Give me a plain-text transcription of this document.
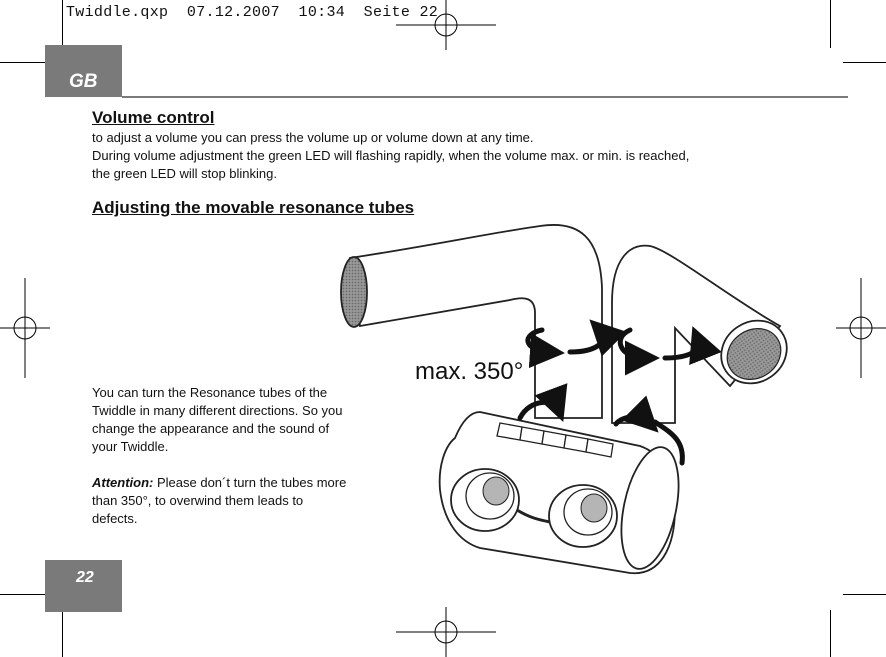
Twiddle.qxp  07.12.2007  10:34  Seite 22
GB
Volume control

to adjust a volume you can press the volume up or volume down at any time.

During volume adjustment the green LED will flashing rapidly, when the volume max. or min. is reached,

the green LED will stop blinking.

Adjusting the movable resonance tubes

You can turn the Resonance tubes of the

Twiddle in many different directions. So you

change the appearance and the sound of

your Twiddle.

Attention: Please don´t turn the tubes more

than 350°, to overwind them leads to

defects.

max. 350°
22
